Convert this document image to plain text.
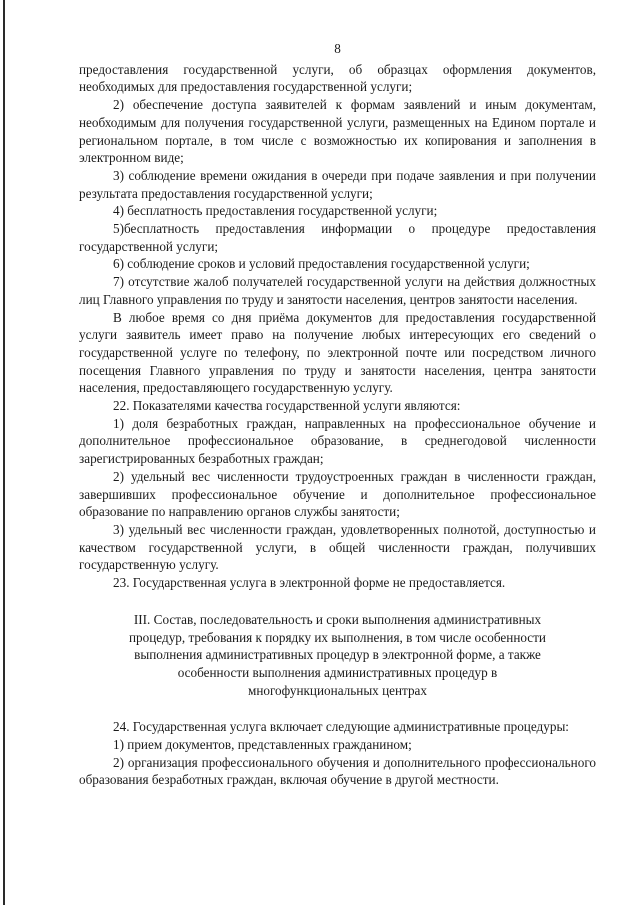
8

предоставления государственной услуги, об образцах оформления документов, необходимых для предоставления государственной услуги;

2) обеспечение доступа заявителей к формам заявлений и иным документам, необходимым для получения государственной услуги, размещенных на Едином портале и региональном портале, в том числе с возможностью их копирования и заполнения в электронном виде;

3) соблюдение времени ожидания в очереди при подаче заявления и при получении результата предоставления государственной услуги;

4) бесплатность предоставления государственной услуги;

5)бесплатность предоставления информации о процедуре предоставления государственной услуги;

6) соблюдение сроков и условий предоставления государственной услуги;

7) отсутствие жалоб получателей государственной услуги на действия должностных лиц Главного управления по труду и занятости населения, центров занятости населения.

В любое время со дня приёма документов для предоставления государственной услуги заявитель имеет право на получение любых интересующих его сведений о государственной услуге по телефону, по электронной почте или посредством личного посещения Главного управления по труду и занятости населения, центра занятости населения, предоставляющего государственную услугу.

22. Показателями качества государственной услуги являются:

1) доля безработных граждан, направленных на профессиональное обучение и дополнительное профессиональное образование, в среднегодовой численности зарегистрированных безработных граждан;

2) удельный вес численности трудоустроенных граждан в численности граждан, завершивших профессиональное обучение и дополнительное профессиональное образование по направлению органов службы занятости;

3) удельный вес численности граждан, удовлетворенных полнотой, доступностью и качеством государственной услуги, в общей численности граждан, получивших государственную услугу.

23. Государственная услуга в электронной форме не предоставляется.

III. Состав, последовательность и сроки выполнения административных
процедур, требования к порядку их выполнения, в том числе особенности
выполнения административных процедур в электронной форме, а также
особенности выполнения административных процедур в
многофункциональных центрах

24. Государственная услуга включает следующие административные процедуры:

1) прием документов, представленных гражданином;

2) организация профессионального обучения и дополнительного профессионального образования безработных граждан, включая обучение в другой местности.
